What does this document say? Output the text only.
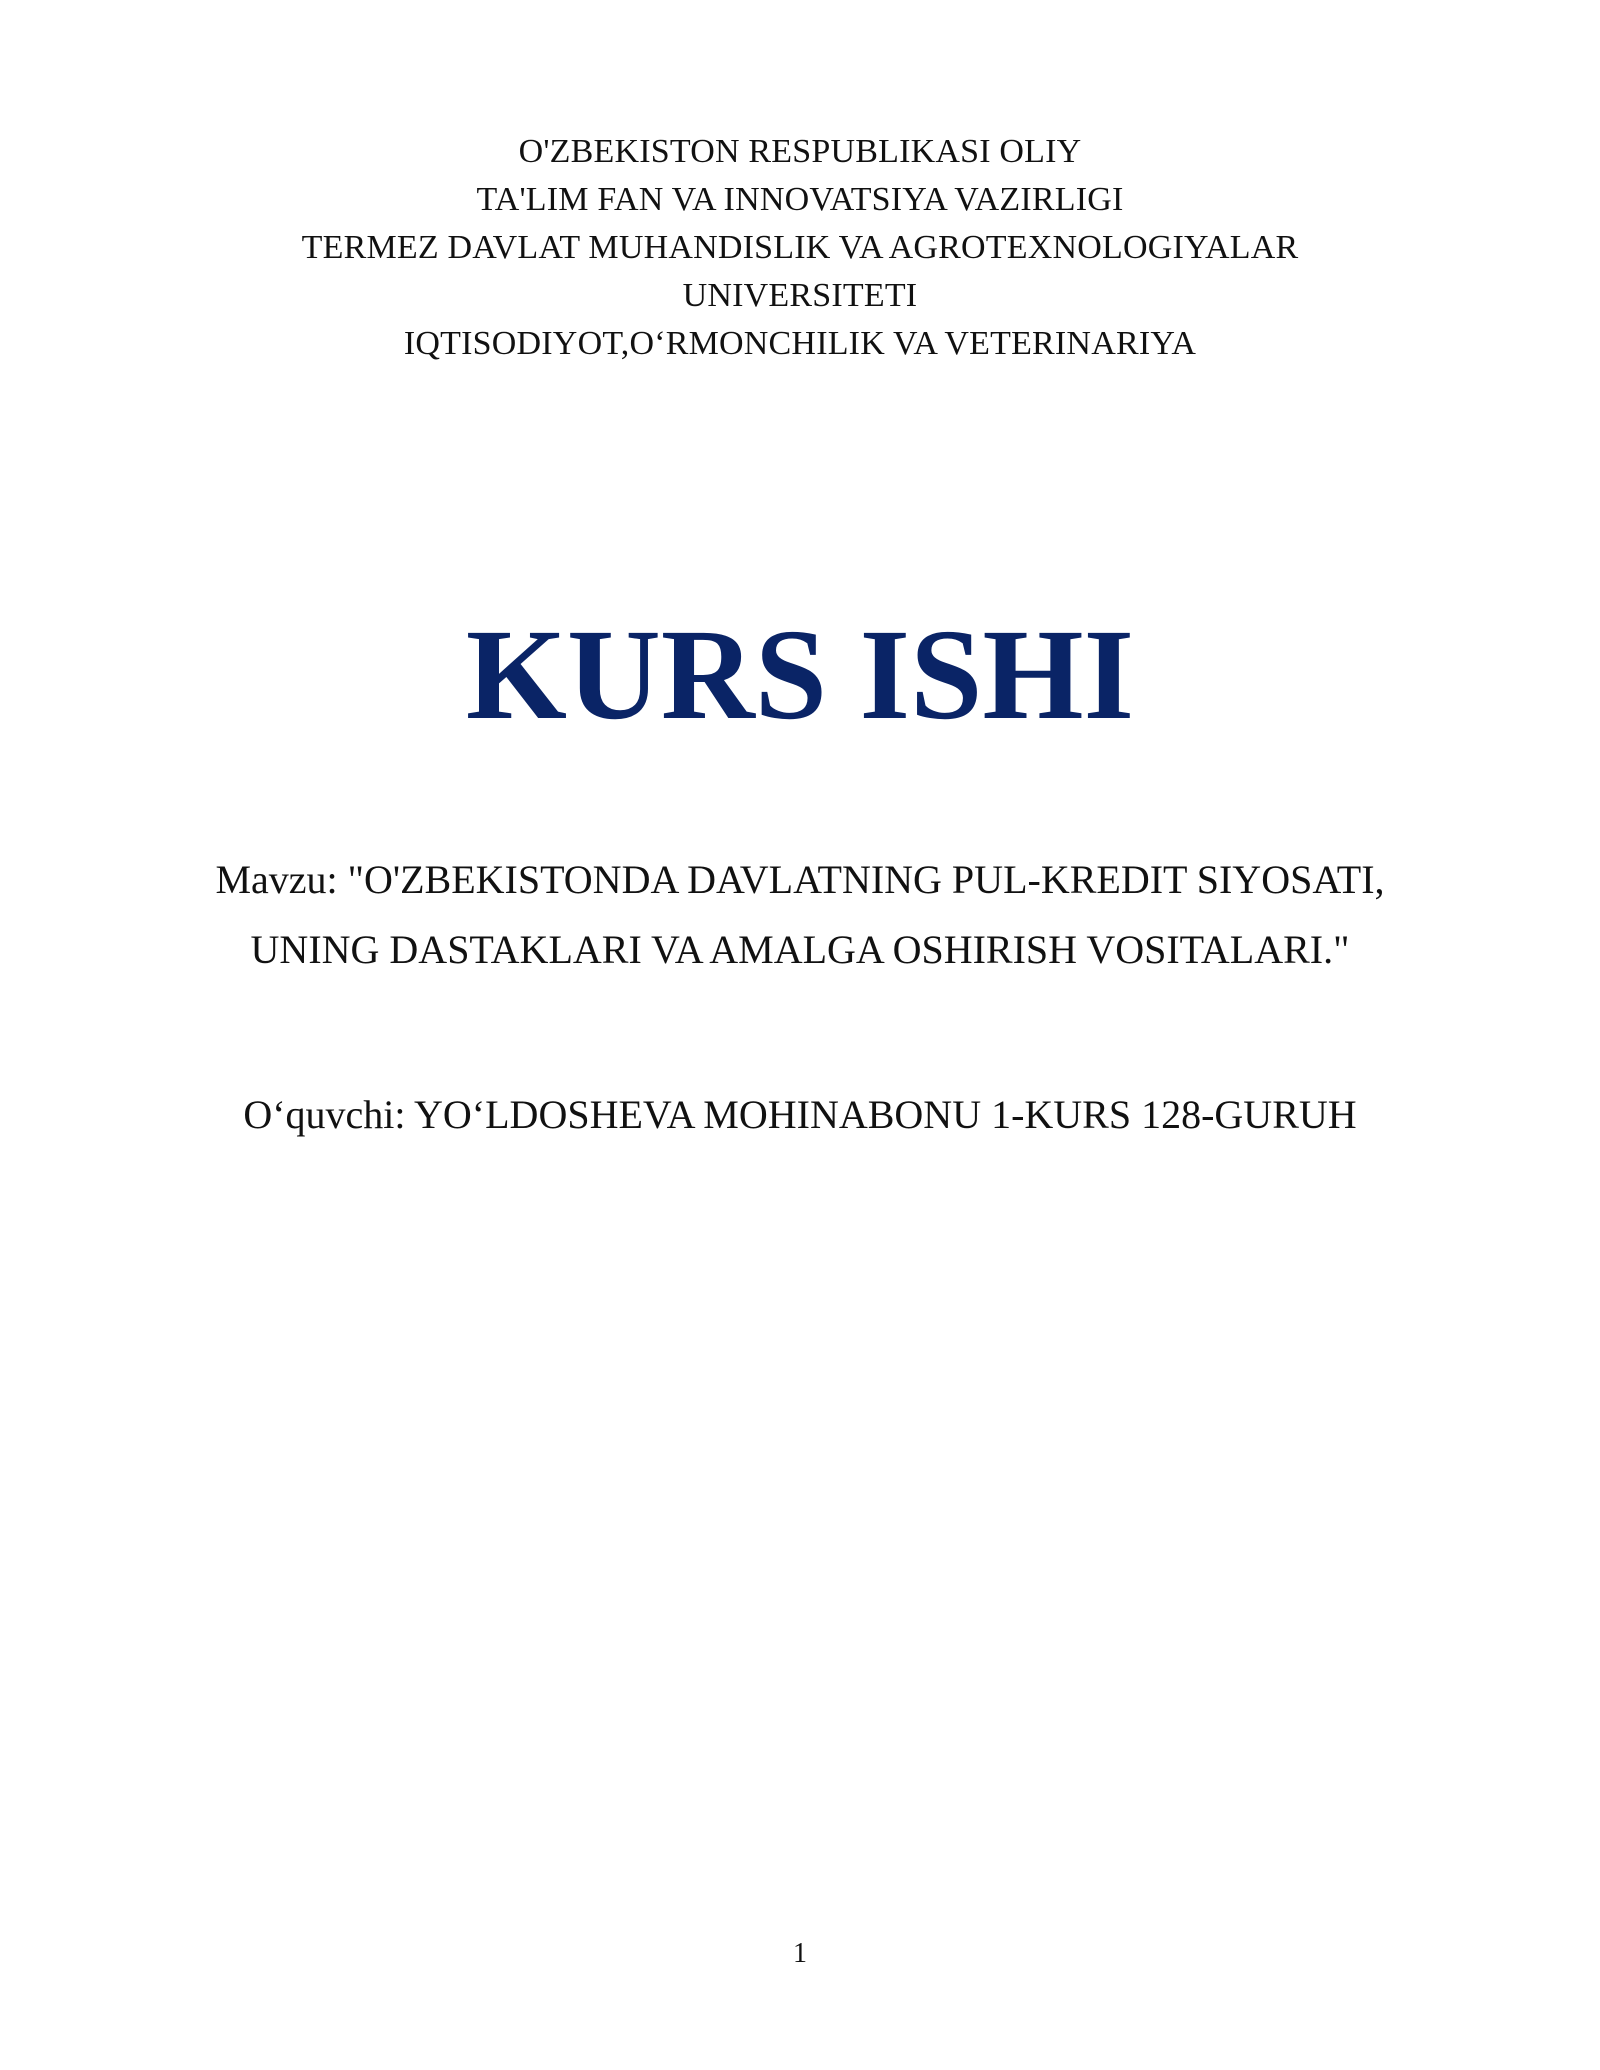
O'ZBEKISTON RESPUBLIKASI OLIY
TA'LIM FAN VA INNOVATSIYA VAZIRLIGI
TERMEZ DAVLAT MUHANDISLIK VA AGROTEXNOLOGIYALAR
UNIVERSITETI
IQTISODIYOT,O‘RMONCHILIK VA VETERINARIYA
KURS ISHI
Mavzu: "O'ZBEKISTONDA DAVLATNING PUL-KREDIT SIYOSATI,
UNING DASTAKLARI VA AMALGA OSHIRISH VOSITALARI."
O‘quvchi: YO‘LDOSHEVA MOHINABONU 1-KURS 128-GURUH
1
